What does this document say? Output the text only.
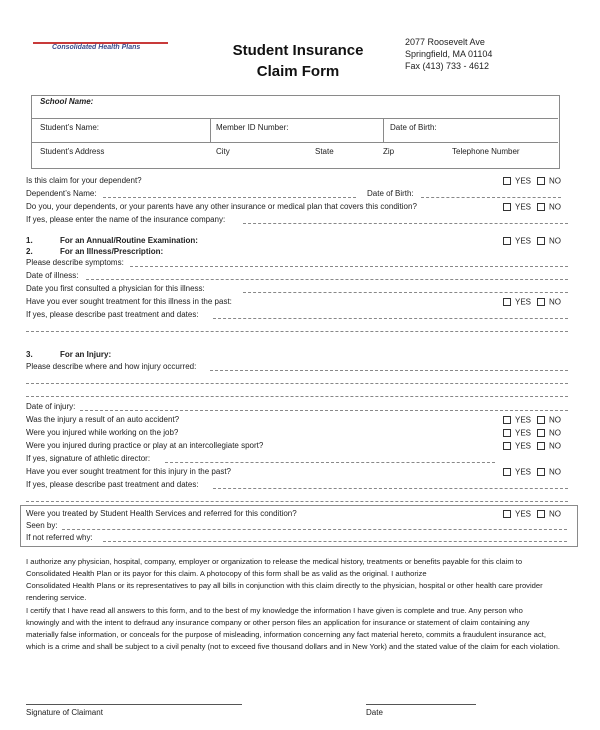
Consolidated Health Plans	Student Insurance
Claim Form
2077 Roosevelt Ave
Springfield, MA 01104
Fax (413) 733 - 4612
School Name:
Student’s Name:	Member ID Number:	Date of Birth:
Student’s Address	City	State	Zip	Telephone Number
Is this claim for your dependent?	YES	NO
Dependent’s Name:	Date of Birth:
Do you, your dependents, or your parents have any other insurance or medical plan that covers this condition?	YES	NO
If yes, please enter the name of the insurance company:
1.	For an Annual/Routine Examination:	YES	NO
2.	For an Illness/Prescription:
Please describe symptoms:
Date of illness:
Date you first consulted a physician for this illness:
Have you ever sought treatment for this illness in the past:	YES	NO
If yes, please describe past treatment and dates:
3.	For an Injury:
Please describe where and how injury occurred:
Date of injury:
Was the injury a result of an auto accident?	YES	NO
Were you injured while working on the job?	YES	NO
Were you injured during practice or play at an intercollegiate sport?	YES	NO
If yes, signature of athletic director:
Have you ever sought treatment for this injury in the past?	YES	NO
If yes, please describe past treatment and dates:
Were you treated by Student Health Services and referred for this condition?	YES	NO
Seen by:
If not referred why:
I authorize any physician, hospital, company, employer or organization to release the medical history, treatments or benefits payable for this claim to
Consolidated Health Plan or its payor for this claim. A photocopy of this form shall be as valid as the original. I authorize
Consolidated Health Plans or its representatives to pay all bills in conjunction with this claim directly to the physician, hospital or other health care provider
rendering service.
I certify that I have read all answers to this form, and to the best of my knowledge the information I have given is complete and true. Any person who
knowingly and with the intent to defraud any insurance company or other person files an application for insurance or statement of claim containing any
materially false information, or conceals for the purpose of misleading, information concerning any fact material hereto, commits a fraudulent insurance act,
which is a crime and shall be subject to a civil penalty (not to exceed five thousand dollars and in New York) and the stated value of the claim for each violation.
Signature of Claimant	Date
